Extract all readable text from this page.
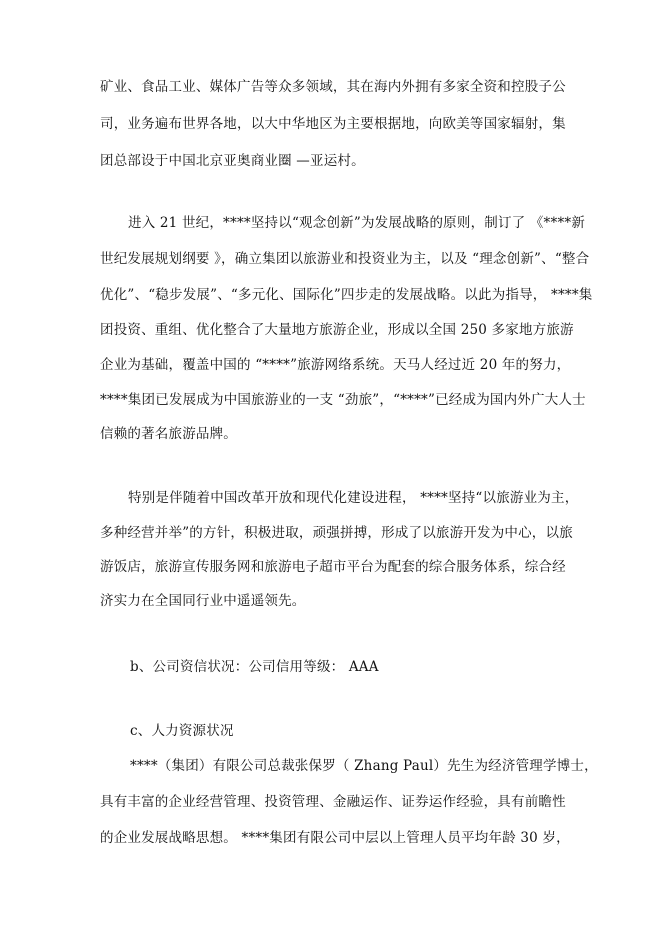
矿业、食品工业、媒体广告等众多领域，其在海内外拥有多家全资和控股子公
司，业务遍布世界各地，以大中华地区为主要根据地，向欧美等国家辐射，集
团总部设于中国北京亚奥商业圈 —亚运村。
进入 21 世纪，****坚持以“观念创新”为发展战略的原则，制订了 《****新
世纪发展规划纲要 》，确立集团以旅游业和投资业为主，以及 “理念创新”、“整合
优化”、“稳步发展”、“多元化、国际化”四步走的发展战略。以此为指导， ****集
团投资、重组、优化整合了大量地方旅游企业，形成以全国 250 多家地方旅游
企业为基础，覆盖中国的 “****”旅游网络系统。天马人经过近 20 年的努力，
****集团已发展成为中国旅游业的一支 “劲旅”，“****”已经成为国内外广大人士
信赖的著名旅游品牌。
特别是伴随着中国改革开放和现代化建设进程， ****坚持“以旅游业为主，
多种经营并举”的方针，积极进取，顽强拼搏，形成了以旅游开发为中心，以旅
游饭店，旅游宣传服务网和旅游电子超市平台为配套的综合服务体系，综合经
济实力在全国同行业中遥遥领先。
b、公司资信状况：公司信用等级： AAA
c、人力资源状况
****（集团）有限公司总裁张保罗（ Zhang Paul）先生为经济管理学博士，
具有丰富的企业经营管理、投资管理、金融运作、证券运作经验，具有前瞻性
的企业发展战略思想。 ****集团有限公司中层以上管理人员平均年龄 30 岁，
